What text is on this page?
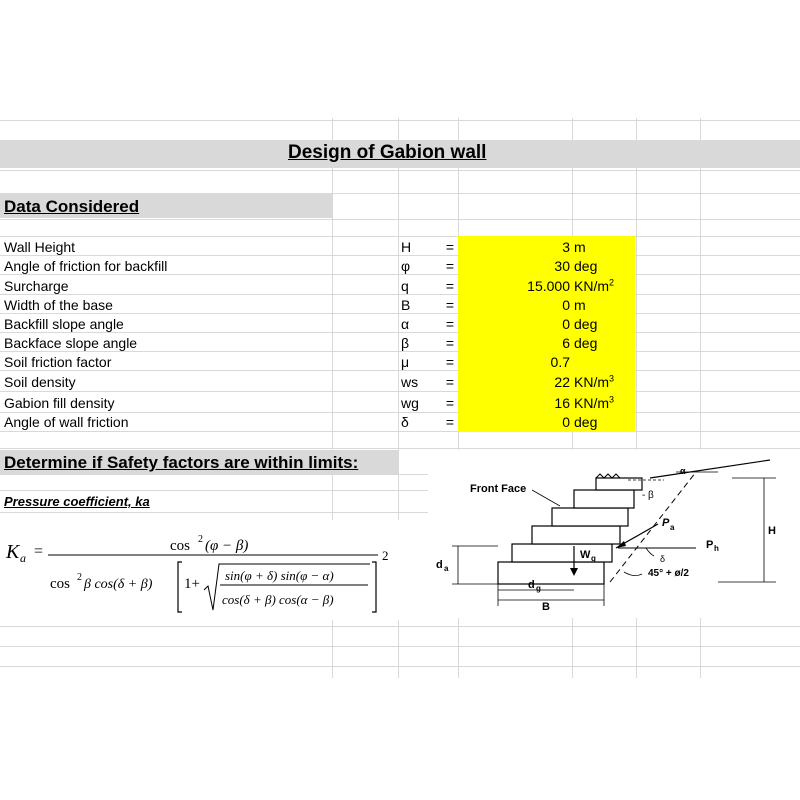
Design of Gabion wall
Data Considered
Determine if Safety factors are within limits:
Wall Height	H	=	3 m
Angle of friction for backfill	φ	=	30 deg
Surcharge	q	=	15.000 $KN/m^2$
Width of the base	B	=	0 m
Backfill slope angle	α	=	0 deg
Backface slope angle	β	=	6 deg
Soil friction factor	μ	=	0.7
Soil density	ws	=	22 $KN/m^3$
Gabion fill density	wg	=	16 $KN/m^3$
Angle of wall friction	δ	=	0 deg
Pressure coefficient, ka
K a =	cos 2 (φ − β)
2
cos 2 β cos(δ + β) 1+
sin(φ + δ) sin(φ − α)
cos(δ + β) cos(α − β)
α
Front Face
- β
P a
P h
δ
W g
45° + ø/2
H
d a
d g
B
